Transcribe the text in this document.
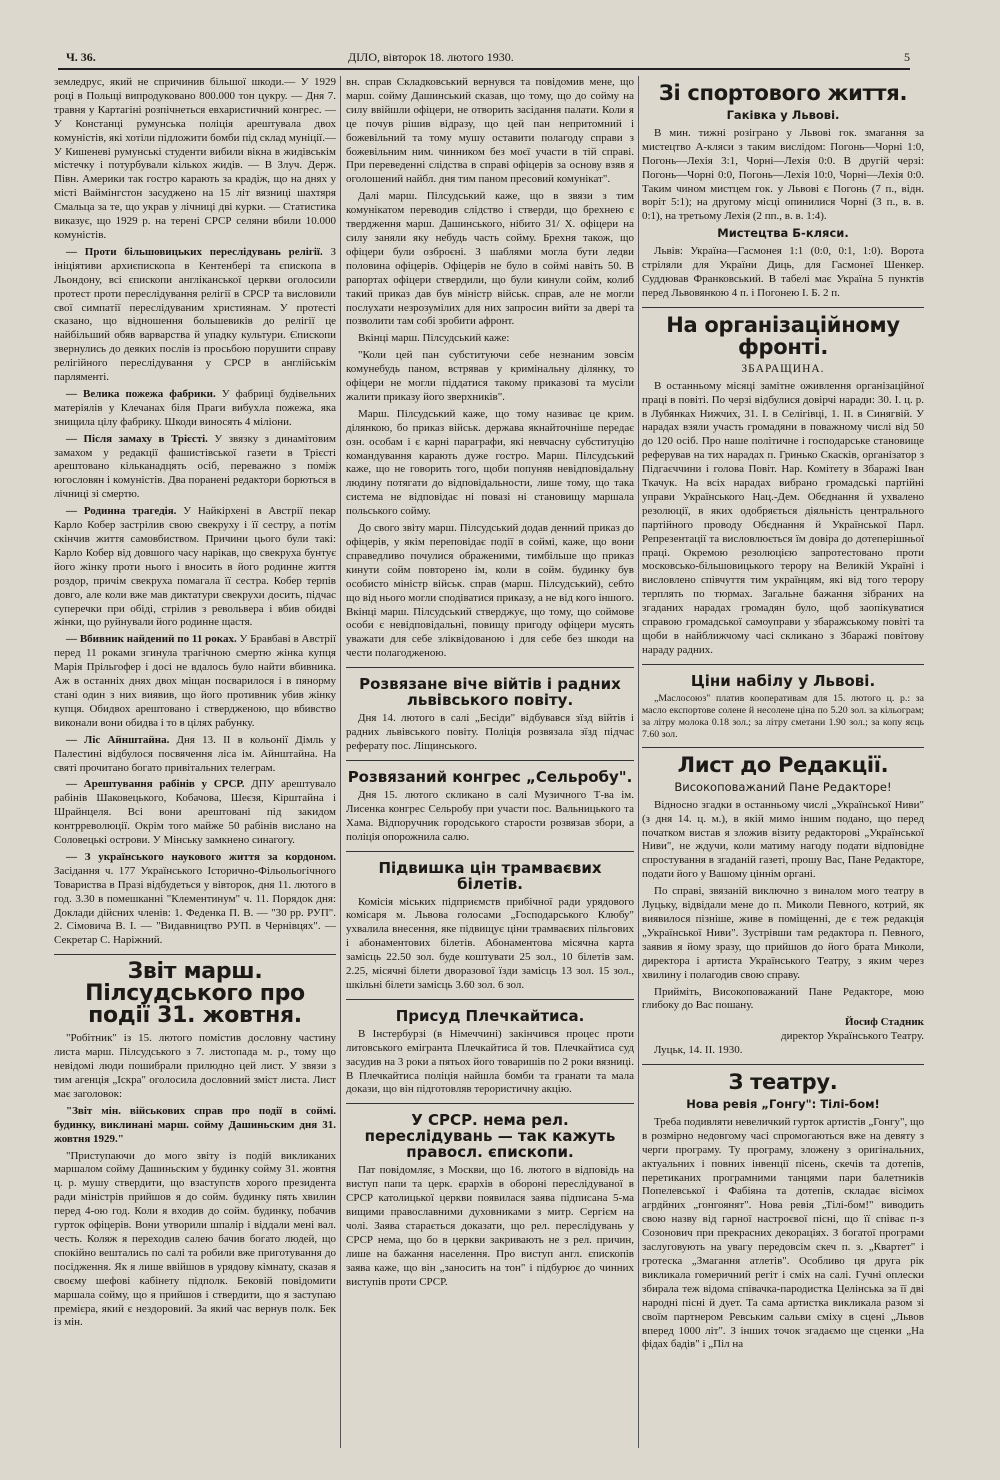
Ч. 36.	ДІЛО, вівторок 18. лютого 1930.	5

земледрус, який не спричинив більшої шкоди.— У 1929 році в Польщі випродуковано 800.000 тон цукру. — Дня 7. травня у Картагіні розпічнеться евхаристичний конгрес. — У Констанці румунська поліція арештувала двох комуністів, які хотіли підложити бомби під склад муніції.— У Кишеневі румунські студенти вибили вікна в жидівськім містечку і потурбували кількох жидів. — В Злуч. Держ. Півн. Америки так гостро карають за крадіж, що на днях у місті Ваймінгстон засуджено на 15 літ вязниці шахтяря Смальца за те, що украв у лічниці дві курки. — Статистика виказує, що 1929 р. на терені СРСР селяни вбили 10.000 комуністів.

— Проти більшовицьких переслідувань релігії. З ініціятиви архиєпископа в Кентенбері та єпископа в Льондону, всі єпископи англіканської церкви оголосили протест проти переслідування релігії в СРСР та висловили свої симпатії переслідуваним християнам. У протесті сказано, що відношення большевиків до релігії це найбільший обяв варварства й упадку культури. Єпископи звернулись до деяких послів із просьбою порушити справу релігійного переслідування у СРСР в англійськім парляменті.

— Велика пожежа фабрики. У фабриці будівельних матеріялів у Клечанах біля Праги вибухла пожежа, яка знищила цілу фабрику. Шкоди виносять 4 міліони.

— Після замаху в Трієсті. У звязку з динамітовим замахом у редакції фашистівської газети в Трієсті арештовано кільканадцять осіб, переважно з поміж югословян і комуністів. Два поранені редактори борються в лічниці зі смертю.

— Родинна трагедія. У Найкірхені в Австрії пекар Карло Кобер застрілив свою свекруху і її сестру, а потім скінчив життя самовбиством. Причини цього були такі: Карло Кобер від довшого часу нарікав, що свекруха бунтує його жінку проти нього і вносить в його родинне життя роздор, причім свекруха помагала її сестра. Кобер терпів довго, але коли вже мав диктатури свекрухи досить, підчас суперечки при обіді, стрілив з револьвера і вбив обидві жінки, що руйнували його родинне щастя.

— Вбивник найдений по 11 роках. У Бравбаві в Австрії перед 11 роками згинула трагічною смертю жінка купця Марія Прільгофер і досі не вдалось було найти вбивника. Аж в останніх днях двох міщан посварилося і в пянорму стані один з них виявив, що його противник убив жінку купця. Обидвох арештовано і ствердженою, що вбивство виконали вони обидва і то в цілях рабунку.

— Ліс Айнштайна. Дня 13. II в кольонії Дімль у Палестині відбулося посвячення ліса ім. Айнштайна. На святі прочитано богато привітальних телеграм.

— Арештування рабінів у СРСР. ДПУ арештувало рабінів Шаковецького, Кобачова, Шеєзя, Кірштайна і Шрайнцеля. Всі вони арештовані під закидом контрреволюції. Окрім того майже 50 рабінів вислано на Соловецькі острови. У Мінську замкнено синагогу.

— З українського наукового життя за кордоном. Засідання ч. 177 Українського Історично-Фільольогічного Товариства в Празі відбудеться у вівторок, дня 11. лютого в год. 3.30 в помешканні "Клементинум" ч. 11. Порядок дня: Доклади дійсних членів: 1. Феденка П. В. — "30 рр. РУП". 2. Сімовича В. І. — "Видавництво РУП. в Чернівцях". — Секретар С. Наріжний.

Звіт марш. Пілсудського про події 31. жовтня.

"Робітник" із 15. лютого помістив дословну частину листа марш. Пілсудського з 7. листопада м. р., тому що невідомі люди пошибрали прилюдно цей лист. У звязи з тим агенція „Іскра" оголосила дословний зміст листа. Лист має заголовок:

"Звіт мін. військових справ про події в соймі. будинку, виклинані марш. сойму Дашиньским дня 31. жовтня 1929."

"Приступаючи до мого звіту із подій викликаних маршалом сойму Дашиньским у будинку сойму 31. жовтня ц. р. мушу ствердити, що взаступств хорого президента ради міністрів прийшов я до сойм. будинку пять хвилин перед 4-ою год. Коли я входив до сойм. будинку, побачив гурток офіцерів. Вони утворили шпалір і віддали мені вал. честь. Коляж я переходив салею бачив богато людей, що спокійно вештались по салі та робили вже приготування до посідження. Як я лише ввійшов в урядову кімнату, сказав я своєму шефові кабінету підполк. Бековій повідомити маршала сойму, що я прийшов і ствердити, що я заступаю премієра, який є нездоровий. За який час вернув полк. Бек із мін.

вн. справ Складковський вернувся та повідомив мене, що марш. сойму Дашинський сказав, що тому, що до сойму на силу ввійшли офіцери, не отворить засідання палати. Коли я це почув рішив відразу, що цей пан непритомний і божевільний та тому мушу оставити полагоду справи з божевільним ним. чинником без моєї участи в тій справі. При переведенні слідства в справі офіцерів за основу взяв я оголошений найбл. дня тим паном пресовий комунікат".

Далі марш. Пілсудський каже, що в звязи з тим комунікатом переводив слідство і стверди, що брехнею є твердження марш. Дашинського, нібито 31/ X. офіцери на силу заняли яку небудь часть сойму. Брехня також, що офіцери були озброєні. З шаблями могла бути ледви половина офіцерів. Офіцерів не було в соймі навіть 50. В рапортах офіцери ствердили, що були кинули сойм, колиб такий приказ дав був міністр військ. справ, але не могли послухати незрозумілих для них запросин вийти за двері та позволити там собі зробити афронт.

Вкінці марш. Пілсудський каже:

"Коли цей пан субституючи себе незнаним зовсім комунебудь паном, встрявав у кримінальну ділянку, то офіцери не могли піддатися такому приказові та мусіли жалити приказу його зверхників".

Марш. Пілсудський каже, що тому називає це крим. ділянкою, бо приказ військ. держава якнайточніше передає озн. особам і є карні параграфи, які невчасну субституцію командування карають дуже гостро. Марш. Пілсудський каже, що не говорить того, щоби попуняв невідповідальну людину потягати до відповідальности, лише тому, що така система не відповідає ні повазі ні становищу маршала польського сойму.

До свого звіту марш. Пілсудський додав денний приказ до офіцерів, у якім переповідає події в соймі, каже, що вони справедливо почулися ображеними, тимбільше що приказ кинути сойм повторено ім, коли в сойм. будинку був особисто міністр військ. справ (марш. Пілсудський), себто що від нього могли сподіватися приказу, а не від кого іншого. Вкінці марш. Пілсудський стверджує, що тому, що соймове особи є невідповідальні, повищу пригоду офіцери мусять уважати для себе зліквідованою і для себе без шкоди на чести полагодженою.

Розвязане віче війтів і радних львівського повіту.

Дня 14. лютого в салі „Бесіди" відбувався зїзд війтів і радних львівського повіту. Поліція розвязала зїзд підчас реферату пос. Ліщинського.

Розвязаний конгрес „Сельробу".

Дня 15. лютого скликано в салі Музичного Т-ва ім. Лисенка конгрес Сельробу при участи пос. Вальницького та Хама. Відпоручник городського старости розвязав збори, а поліція опорожнила салю.

Підвишка цін трамваєвих білетів.

Комісія міських підприємств прибічної ради урядового комісаря м. Львова голосами „Господарського Клюбу" ухвалила внесення, яке підвищує ціни трамваєвих пільгових і абонаментових білетів. Абонаментова місячна карта замісць 22.50 зол. буде коштувати 25 зол., 10 білетів зам. 2.25, місячні білети дворазової їзди замісць 13 зол. 15 зол., шкільні білети замісць 3.60 зол. 6 зол.

Присуд Плечкайтиса.

В Інстербурзі (в Німеччині) закінчився процес проти литовського емігранта Плечкайтиса й тов. Плечкайтиса суд засудив на 3 роки а пятьох його товаришів по 2 роки вязниці. В Плечкайтиса поліція найшла бомби та гранати та мала докази, що він підготовляв терористичну акцію.

У СРСР. нема рел. переслідувань — так кажуть правосл. єпископи.

Пат повідомляє, з Москви, що 16. лютого в відповідь на виступ папи та церк. єрархів в обороні переслідуваної в СРСР католицької церкви появилася заява підписана 5-ма вищими православними духовниками з митр. Сергієм на чолі. Заява старається доказати, що рел. переслідувань у СРСР нема, що бо в церкви закривають не з рел. причин, лише на бажання населення. Про виступ англ. єпископів заява каже, що він „заносить на тон" і підбурює до чинних виступів проти СРСР.

Зі спортового життя.
Гаківка у Львові.

В мин. тижні розіграно у Львові гок. змагання за мистецтво А-кляси з таким вислідом: Погонь—Чорні 1:0, Погонь—Лехія 3:1, Чорні—Лехія 0:0. В другій черзі: Погонь—Чорні 0:0, Погонь—Лехія 10:0, Чорні—Лехія 0:0. Таким чином мистцем гок. у Львові є Погонь (7 п., відн. воріт 5:1); на другому місці опинилися Чорні (3 п., в. в. 0:1), на третьому Лехія (2 пп., в. в. 1:4).

Мистецтва Б-кляси.

Львів: Україна—Гасмонея 1:1 (0:0, 0:1, 1:0). Ворота стріляли для України Диць, для Гасмонеї Шенкер. Суддював Франковський. В табелі має Україна 5 пунктів перед Львовянкою 4 п. і Погонею І. Б. 2 п.

На організаційному фронті.
ЗБАРАЩИНА.

В останньому місяці замітне оживлення організаційної праці в повіті. По черзі відбулися довірчі наради: 30. І. ц. р. в Лубянках Нижчих, 31. І. в Селігівці, 1. II. в Синягвій. У нарадах взяли участь громадяни в поважному числі від 50 до 120 осіб. Про наше політичне і господарське становище реферував на тих нарадах п. Гринько Скасків, організатор з Підгаєччини і голова Повіт. Нар. Комітету в Збаражі Іван Ткачук. На всіх нарадах вибрано громадські партійні управи Українського Нац.-Дем. Обєднання й ухвалено резолюції, в яких одобряється діяльність центрального партійного проводу Обєднання й Української Парл. Репрезентації та висловлюється їм довіра до дотеперішньої праці. Окремою резолюцією запротестовано проти московсько-більшовицького терору на Великій Україні і висловлено співчуття тим українцям, які від того терору терплять по тюрмах. Загальне бажання зібраних на згаданих нарадах громадян було, щоб заопікуватися справою громадської самоуправи у збаражському повіті та щоби в найближчому часі скликано з Збаражі повітову нараду радних.

Ціни набілу у Львові.

„Маслосоюз" платив кооперативам для 15. лютого ц. р.: за масло експортове солене й несолене ціна по 5.20 зол. за кільограм; за літру молока 0.18 зол.; за літру сметани 1.90 зол.; за копу яєць 7.60 зол.

Лист до Редакції.
Високоповажаний Пане Редакторе!

Відносно згадки в останньому числі „Української Ниви" (з дня 14. ц. м.), в якій мимо іншим подано, що перед початком вистав я зложив візиту редакторові „Української Ниви", не ждучи, коли матиму нагоду подати відповідне спростування в згаданій газеті, прошу Вас, Пане Редакторе, подати його у Вашому ціннім органі.

По справі, звязаній виключно з виналом мого театру в Луцьку, відвідали мене до п. Миколи Певного, котрий, як виявилося пізніше, живе в поміщенні, де є теж редакція „Української Ниви". Зустрівши там редактора п. Певного, заявив я йому зразу, що прийшов до його брата Миколи, директора і артиста Українського Театру, з яким через хвилину і полагодив свою справу.

Прийміть, Високоповажаний Пане Редакторе, мою глибоку до Вас пошану.

Йосиф Стадник

директор Українського Театру.

Луцьк, 14. II. 1930.

З театру.
Нова ревія „Гонгу": Тілі-бом!

Треба подивляти невеличкий гурток артистів „Гонгу", що в розмірно недовгому часі спромогаються вже на девяту з черги програму. Ту програму, зложену з оригінальних, актуальних і повних інвенції пісень, скечів та дотепів, перетиканих програмними танцями пари балетників Попелевської і Фабіяна та дотепів, складає вісімох агрдйних „гонгоянят". Нова ревія „Тілі-бом!" виводить свою назву від гарної настроєвої пісні, що її співає п-з Созонович при прекрасних декораціях. З богатої програми заслуговують на увагу передовсім скеч п. з. „Квартет" і гротеска „Змагання атлетів". Особливо ця друга рік викликала гомеричний регіт і сміх на салі. Гучні оплески збирала теж відома співачка-пародистка Целінська за її дві народні пісні й дует. Та сама артистка викликала разом зі своїм партнером Ревським сальви сміху в сцені „Львов вперед 1000 літ". З інших точок згадаємо ще сценки „На фідах бадів" і „Піл на
